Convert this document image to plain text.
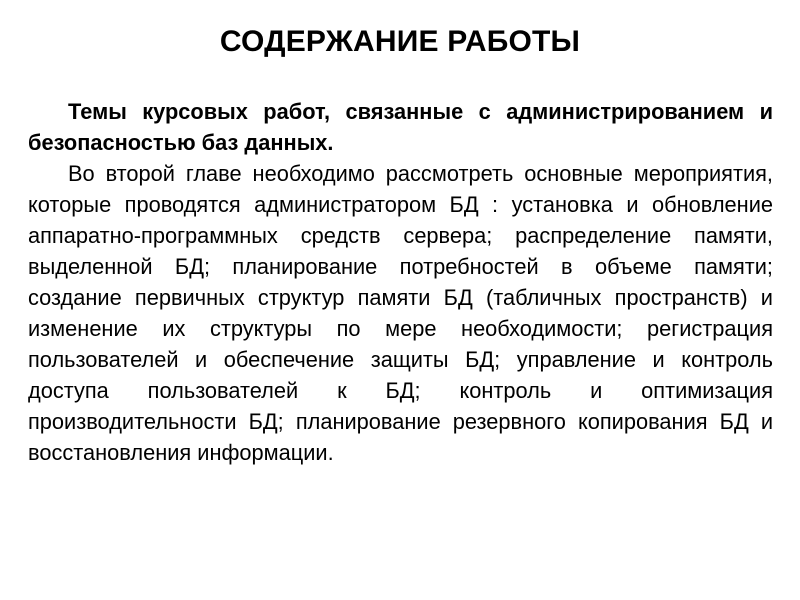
СОДЕРЖАНИЕ РАБОТЫ

Темы курсовых работ, связанные с администрированием и безопасностью баз данных.

Во второй главе необходимо рассмотреть основные мероприятия, которые проводятся администратором БД : установка и обновление аппаратно-программных средств сервера; распределение памяти, выделенной БД; планирование потребностей в объеме памяти; создание первичных структур памяти БД (табличных пространств) и изменение их структуры по мере необходимости; регистрация пользователей и обеспечение защиты БД; управление и контроль доступа пользователей к БД; контроль и оптимизация производительности БД; планирование резервного копирования БД и восстановления информации.
